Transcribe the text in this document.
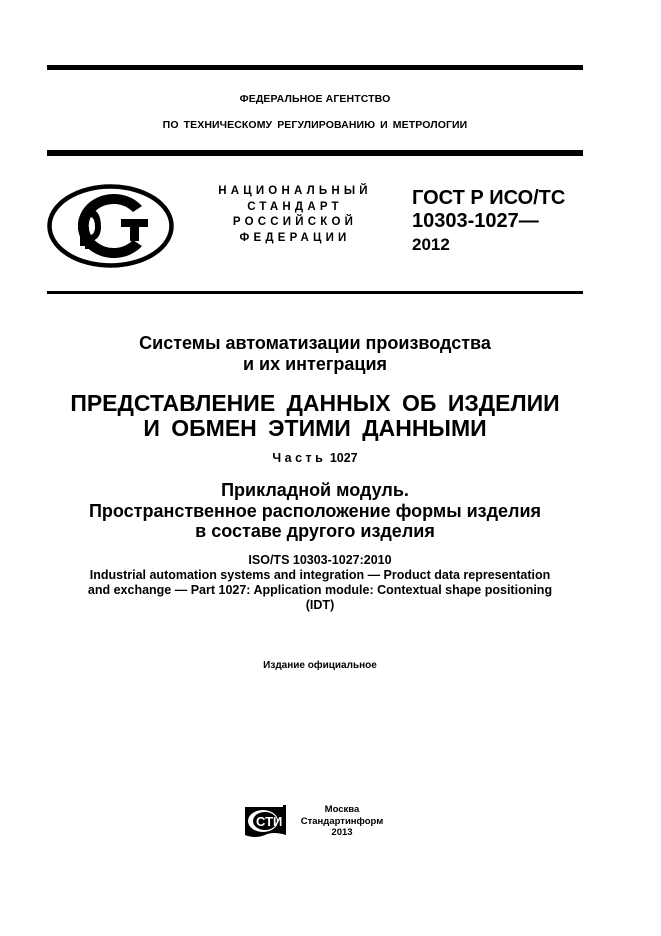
ФЕДЕРАЛЬНОЕ АГЕНТСТВО
ПО ТЕХНИЧЕСКОМУ РЕГУЛИРОВАНИЮ И МЕТРОЛОГИИ
НАЦИОНАЛЬНЫЙ
СТАНДАРТ
РОССИЙСКОЙ
ФЕДЕРАЦИИ
ГОСТ Р ИСО/ТС
10303-1027—
2012
Системы автоматизации производства
и их интеграция
ПРЕДСТАВЛЕНИЕ ДАННЫХ ОБ ИЗДЕЛИИ
И ОБМЕН ЭТИМИ ДАННЫМИ
Часть 1027
Прикладной модуль.
Пространственное расположение формы изделия
в составе другого изделия
ISO/TS 10303-1027:2010
Industrial automation systems and integration — Product data representation
and exchange — Part 1027: Application module: Contextual shape positioning
(IDT)
Издание официальное
СТИ
Москва
Стандартинформ
2013
